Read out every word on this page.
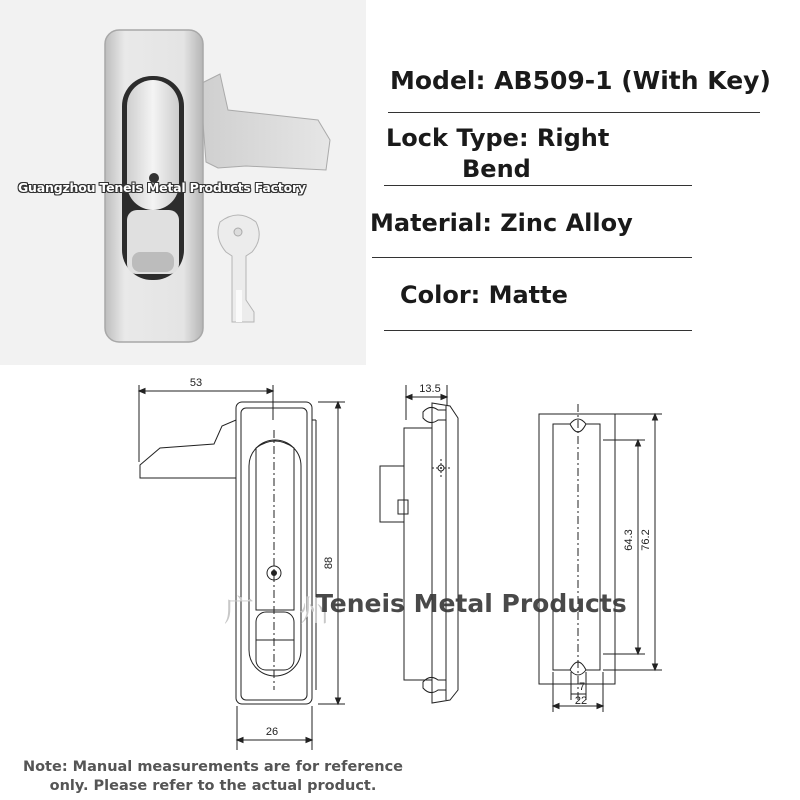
Guangzhou Teneis Metal Products Factory
Model: AB509-1 (With Key)
Lock Type: Right
Bend
Material: Zinc Alloy
Color: Matte
53
88
26
13.5
64.3 76.2
7
22
广 州
Teneis Metal Products
Note: Manual measurements are for reference
only. Please refer to the actual product.
